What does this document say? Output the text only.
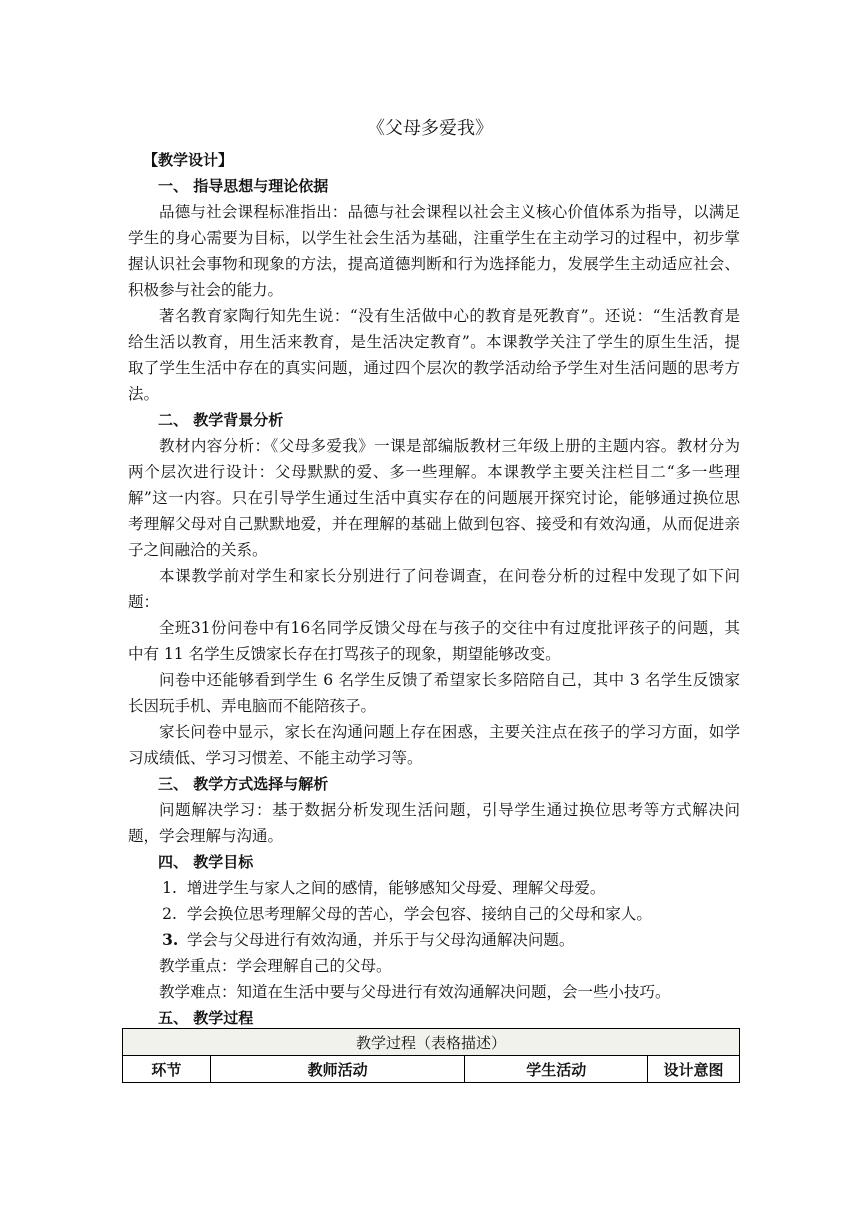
《父母多爱我》

【教学设计】

一、 指导思想与理论依据

品德与社会课程标准指出：品德与社会课程以社会主义核心价值体系为指导，以满足学生的身心需要为目标，以学生社会生活为基础，注重学生在主动学习的过程中，初步掌握认识社会事物和现象的方法，提高道德判断和行为选择能力，发展学生主动适应社会、积极参与社会的能力。

著名教育家陶行知先生说：“没有生活做中心的教育是死教育”。还说：“生活教育是给生活以教育，用生活来教育，是生活决定教育”。本课教学关注了学生的原生生活，提取了学生生活中存在的真实问题，通过四个层次的教学活动给予学生对生活问题的思考方法。

二、 教学背景分析

教材内容分析：《父母多爱我》一课是部编版教材三年级上册的主题内容。教材分为两个层次进行设计：父母默默的爱、多一些理解。本课教学主要关注栏目二“多一些理解”这一内容。只在引导学生通过生活中真实存在的问题展开探究讨论，能够通过换位思考理解父母对自己默默地爱，并在理解的基础上做到包容、接受和有效沟通，从而促进亲子之间融洽的关系。

本课教学前对学生和家长分别进行了问卷调查，在问卷分析的过程中发现了如下问题：

全班31份问卷中有16名同学反馈父母在与孩子的交往中有过度批评孩子的问题，其中有 11 名学生反馈家长存在打骂孩子的现象，期望能够改变。

问卷中还能够看到学生 6 名学生反馈了希望家长多陪陪自己，其中 3 名学生反馈家长因玩手机、弄电脑而不能陪孩子。

家长问卷中显示，家长在沟通问题上存在困惑，主要关注点在孩子的学习方面，如学习成绩低、学习习惯差、不能主动学习等。

三、 教学方式选择与解析

问题解决学习：基于数据分析发现生活问题，引导学生通过换位思考等方式解决问题，学会理解与沟通。

四、 教学目标

1. 增进学生与家人之间的感情，能够感知父母爱、理解父母爱。

2. 学会换位思考理解父母的苦心，学会包容、接纳自己的父母和家人。

3. 学会与父母进行有效沟通，并乐于与父母沟通解决问题。

教学重点：学会理解自己的父母。

教学难点：知道在生活中要与父母进行有效沟通解决问题，会一些小技巧。

五、 教学过程

教学过程（表格描述）
环节	教师活动	学生活动	设计意图
